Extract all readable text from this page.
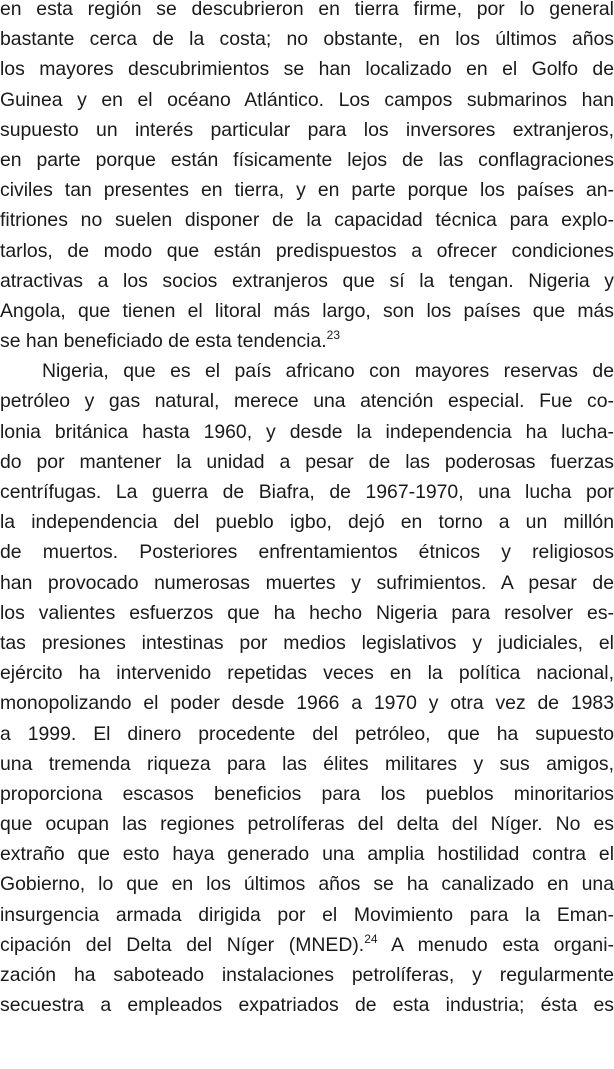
en esta región se descubrieron en tierra firme, por lo general
bastante cerca de la costa; no obstante, en los últimos años
los mayores descubrimientos se han localizado en el Golfo de
Guinea y en el océano Atlántico. Los campos submarinos han
supuesto un interés particular para los inversores extranjeros,
en parte porque están físicamente lejos de las conflagraciones
civiles tan presentes en tierra, y en parte porque los países an-
fitriones no suelen disponer de la capacidad técnica para explo-
tarlos, de modo que están predispuestos a ofrecer condiciones
atractivas a los socios extranjeros que sí la tengan. Nigeria y
Angola, que tienen el litoral más largo, son los países que más
se han beneficiado de esta tendencia.$^{23}$
Nigeria, que es el país africano con mayores reservas de
petróleo y gas natural, merece una atención especial. Fue co-
lonia británica hasta 1960, y desde la independencia ha lucha-
do por mantener la unidad a pesar de las poderosas fuerzas
centrífugas. La guerra de Biafra, de 1967-1970, una lucha por
la independencia del pueblo igbo, dejó en torno a un millón
de muertos. Posteriores enfrentamientos étnicos y religiosos
han provocado numerosas muertes y sufrimientos. A pesar de
los valientes esfuerzos que ha hecho Nigeria para resolver es-
tas presiones intestinas por medios legislativos y judiciales, el
ejército ha intervenido repetidas veces en la política nacional,
monopolizando el poder desde 1966 a 1970 y otra vez de 1983
a 1999. El dinero procedente del petróleo, que ha supuesto
una tremenda riqueza para las élites militares y sus amigos,
proporciona escasos beneficios para los pueblos minoritarios
que ocupan las regiones petrolíferas del delta del Níger. No es
extraño que esto haya generado una amplia hostilidad contra el
Gobierno, lo que en los últimos años se ha canalizado en una
insurgencia armada dirigida por el Movimiento para la Eman-
cipación del Delta del Níger (MNED).$^{24}$ A menudo esta organi-
zación ha saboteado instalaciones petrolíferas, y regularmente
secuestra a empleados expatriados de esta industria; ésta es
